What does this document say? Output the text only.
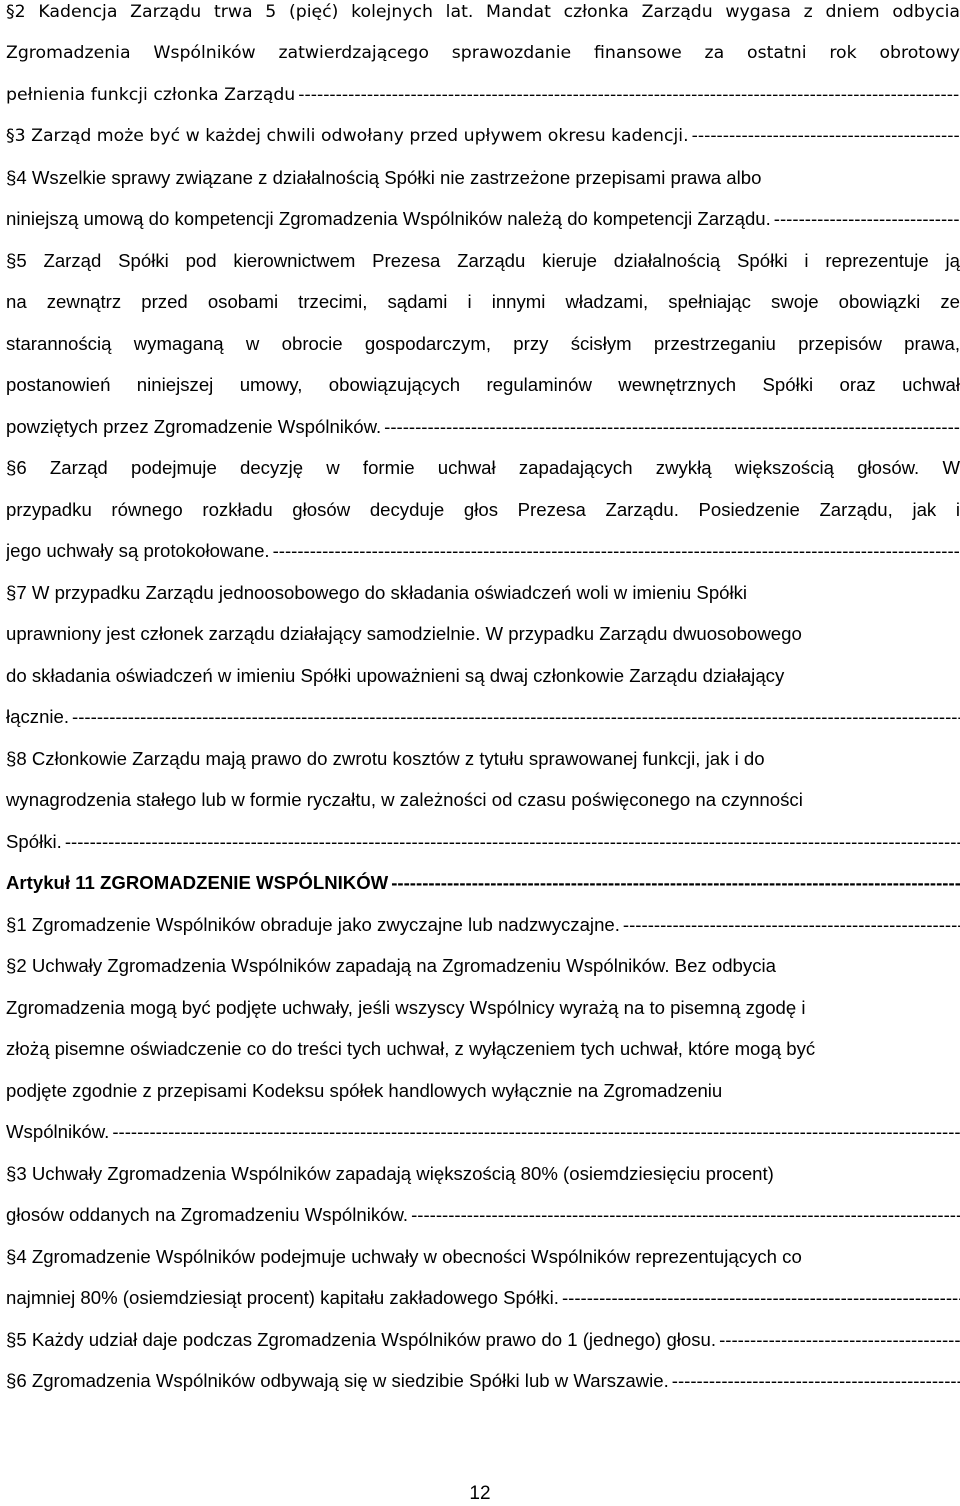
§2 Kadencja Zarządu trwa 5 (pięć) kolejnych lat. Mandat członka Zarządu wygasa z dniem odbycia
Zgromadzenia Wspólników zatwierdzającego sprawozdanie finansowe za ostatni rok obrotowy
pełnienia funkcji członka Zarządu -----
§3 Zarząd może być w każdej chwili odwołany przed upływem okresu kadencji. -----
§4 Wszelkie sprawy związane z działalnością Spółki nie zastrzeżone przepisami prawa albo
niniejszą umową do kompetencji Zgromadzenia Wspólników należą do kompetencji Zarządu. -----
§5 Zarząd Spółki pod kierownictwem Prezesa Zarządu kieruje działalnością Spółki i reprezentuje ją
na zewnątrz przed osobami trzecimi, sądami i innymi władzami, spełniając swoje obowiązki ze
starannością wymaganą w obrocie gospodarczym, przy ścisłym przestrzeganiu przepisów prawa,
postanowień niniejszej umowy, obowiązujących regulaminów wewnętrznych Spółki oraz uchwał
powziętych przez Zgromadzenie Wspólników. -----
§6 Zarząd podejmuje decyzję w formie uchwał zapadających zwykłą większością głosów. W
przypadku równego rozkładu głosów decyduje głos Prezesa Zarządu. Posiedzenie Zarządu, jak i
jego uchwały są protokołowane. -----
§7 W przypadku Zarządu jednoosobowego do składania oświadczeń woli w imieniu Spółki
uprawniony jest członek zarządu działający samodzielnie. W przypadku Zarządu dwuosobowego
do składania oświadczeń w imieniu Spółki upoważnieni są dwaj członkowie Zarządu działający
łącznie. -----
§8 Członkowie Zarządu mają prawo do zwrotu kosztów z tytułu sprawowanej funkcji, jak i do
wynagrodzenia stałego lub w formie ryczałtu, w zależności od czasu poświęconego na czynności
Spółki. -----
Artykuł 11 ZGROMADZENIE WSPÓLNIKÓW -----
§1 Zgromadzenie Wspólników obraduje jako zwyczajne lub nadzwyczajne. -----
§2 Uchwały Zgromadzenia Wspólników zapadają na Zgromadzeniu Wspólników. Bez odbycia
Zgromadzenia mogą być podjęte uchwały, jeśli wszyscy Wspólnicy wyrażą na to pisemną zgodę i
złożą pisemne oświadczenie co do treści tych uchwał, z wyłączeniem tych uchwał, które mogą być
podjęte zgodnie z przepisami Kodeksu spółek handlowych wyłącznie na Zgromadzeniu
Wspólników. -----
§3 Uchwały Zgromadzenia Wspólników zapadają większością 80% (osiemdziesięciu procent)
głosów oddanych na Zgromadzeniu Wspólników. -----
§4 Zgromadzenie Wspólników podejmuje uchwały w obecności Wspólników reprezentujących co
najmniej 80% (osiemdziesiąt procent) kapitału zakładowego Spółki. -----
§5 Każdy udział daje podczas Zgromadzenia Wspólników prawo do 1 (jednego) głosu. -----
§6 Zgromadzenia Wspólników odbywają się w siedzibie Spółki lub w Warszawie. -----
12
